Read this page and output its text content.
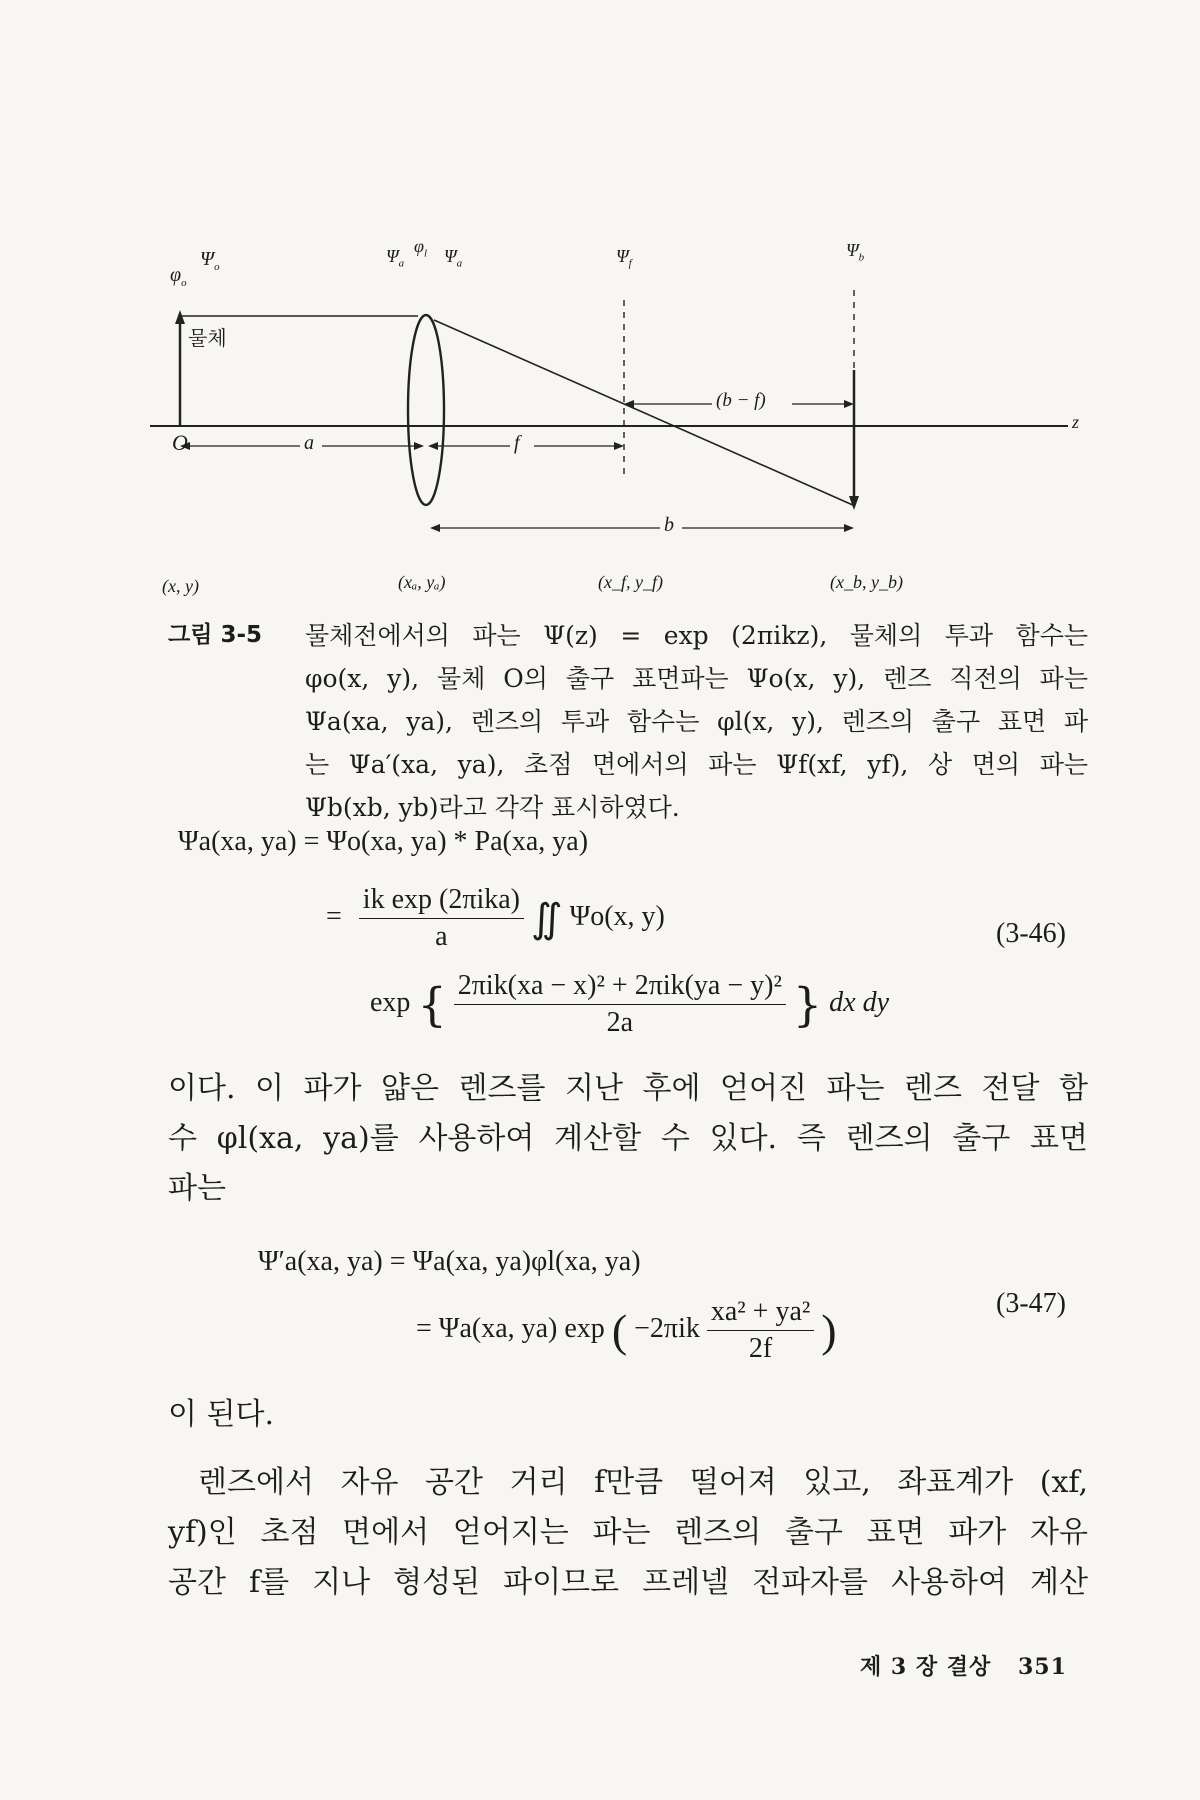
$\varphi_o$
$\Psi_o$
$\Psi_a$
$\varphi_l$ $\Psi_a$	$\Psi_f$
$\Psi_b$
물체
O
z
a	f
(b − f)
b
(x, y)	(xₐ, yₐ)	(x_f, y_f)	(x_b, y_b)
그림 3-5 물체전에서의 파는 Ψ(z) = exp (2πikz), 물체의 투과 함수는
φo(x, y), 물체 O의 출구 표면파는 Ψo(x, y), 렌즈 직전의 파는
Ψa(xa, ya), 렌즈의 투과 함수는 φl(x, y), 렌즈의 출구 표면 파
는 Ψa′(xa, ya), 초점 면에서의 파는 Ψf(xf, yf), 상 면의 파는
Ψb(xb, yb)라고 각각 표시하였다.
Ψa(xa, ya) = Ψo(xa, ya) * Pa(xa, ya)
= $\frac{\text{ik exp (2πika)}}{a}$ ∬ Ψo(x, y)
(3-46)
exp { $\frac{\text{2πik(xa − x)² + 2πik(ya − y)²}}{2a}$ } dx dy
이다. 이 파가 얇은 렌즈를 지난 후에 얻어진 파는 렌즈 전달 함
수 φl(xa, ya)를 사용하여 계산할 수 있다. 즉 렌즈의 출구 표면
파는
Ψ′a(xa, ya) = Ψa(xa, ya)φl(xa, ya)
= Ψa(xa, ya) exp ( $-2\pi ik \frac{\text{xa² + ya²}}{2f}$ )
(3-47)
이 된다.
렌즈에서 자유 공간 거리 f만큼 떨어져 있고, 좌표계가 (xf,
yf)인 초점 면에서 얻어지는 파는 렌즈의 출구 표면 파가 자유
공간 f를 지나 형성된 파이므로 프레넬 전파자를 사용하여 계산
제 3 장 결상 351
